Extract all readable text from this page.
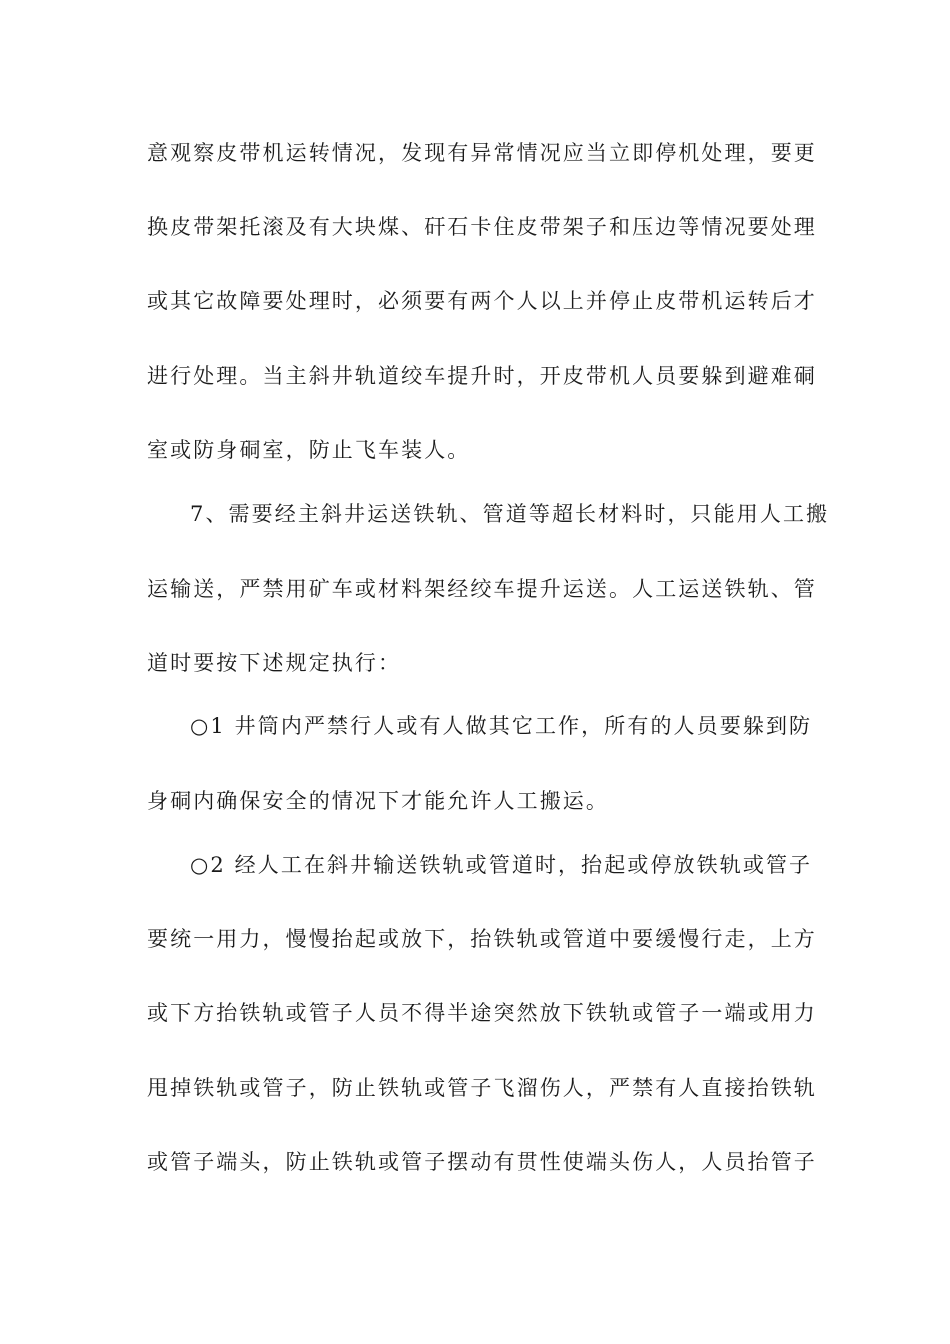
意观察皮带机运转情况，发现有异常情况应当立即停机处理，要更
换皮带架托滚及有大块煤、矸石卡住皮带架子和压边等情况要处理
或其它故障要处理时，必须要有两个人以上并停止皮带机运转后才
进行处理。当主斜井轨道绞车提升时，开皮带机人员要躲到避难硐
室或防身硐室，防止飞车装人。
7、需要经主斜井运送铁轨、管道等超长材料时，只能用人工搬
运输送，严禁用矿车或材料架经绞车提升运送。人工运送铁轨、管
道时要按下述规定执行：
○1 井筒内严禁行人或有人做其它工作，所有的人员要躲到防
身硐内确保安全的情况下才能允许人工搬运。
○2 经人工在斜井输送铁轨或管道时，抬起或停放铁轨或管子
要统一用力，慢慢抬起或放下，抬铁轨或管道中要缓慢行走，上方
或下方抬铁轨或管子人员不得半途突然放下铁轨或管子一端或用力
甩掉铁轨或管子，防止铁轨或管子飞溜伤人，严禁有人直接抬铁轨
或管子端头，防止铁轨或管子摆动有贯性使端头伤人，人员抬管子
